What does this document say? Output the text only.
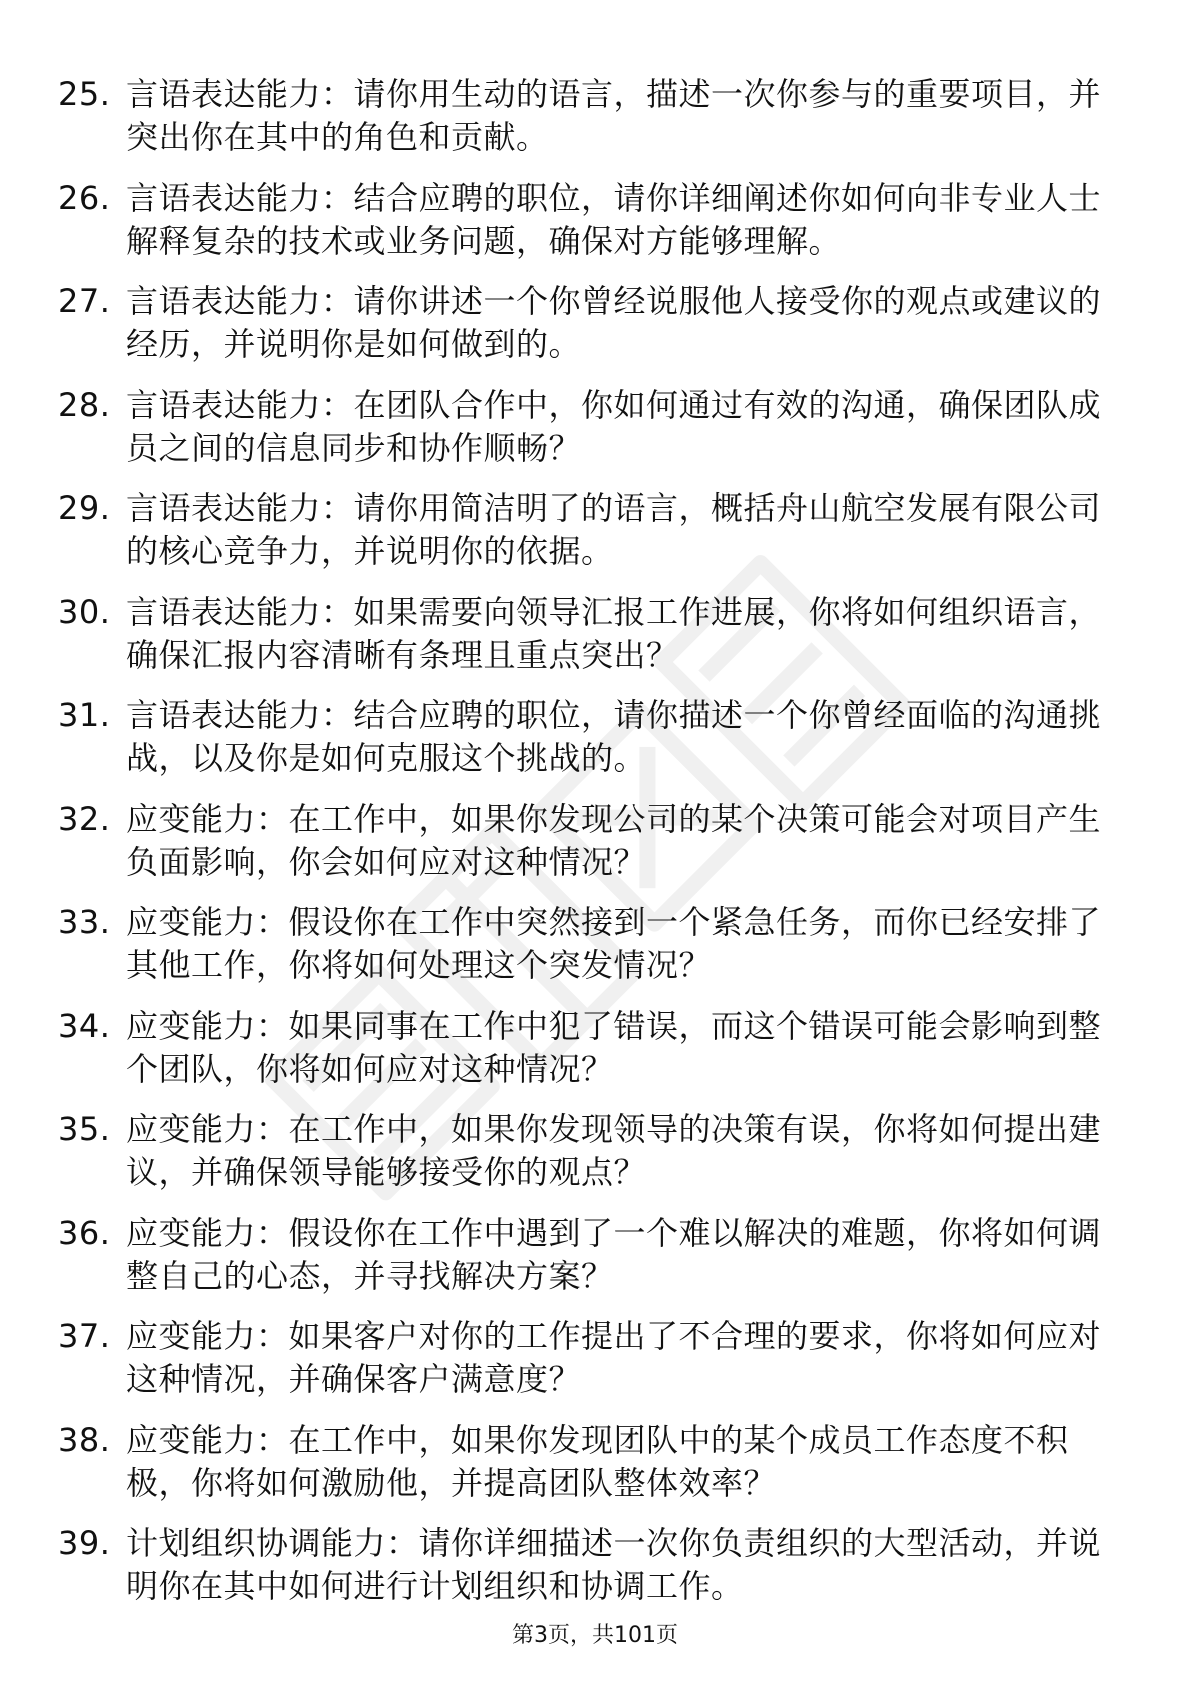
25. 言语表达能力：请你用生动的语言，描述一次你参与的重要项目，并突出你在其中的角色和贡献。
26. 言语表达能力：结合应聘的职位，请你详细阐述你如何向非专业人士解释复杂的技术或业务问题，确保对方能够理解。
27. 言语表达能力：请你讲述一个你曾经说服他人接受你的观点或建议的经历，并说明你是如何做到的。
28. 言语表达能力：在团队合作中，你如何通过有效的沟通，确保团队成员之间的信息同步和协作顺畅？
29. 言语表达能力：请你用简洁明了的语言，概括舟山航空发展有限公司的核心竞争力，并说明你的依据。
30. 言语表达能力：如果需要向领导汇报工作进展，你将如何组织语言，确保汇报内容清晰有条理且重点突出？
31. 言语表达能力：结合应聘的职位，请你描述一个你曾经面临的沟通挑战，以及你是如何克服这个挑战的。
32. 应变能力：在工作中，如果你发现公司的某个决策可能会对项目产生负面影响，你会如何应对这种情况？
33. 应变能力：假设你在工作中突然接到一个紧急任务，而你已经安排了其他工作，你将如何处理这个突发情况？
34. 应变能力：如果同事在工作中犯了错误，而这个错误可能会影响到整个团队，你将如何应对这种情况？
35. 应变能力：在工作中，如果你发现领导的决策有误，你将如何提出建议，并确保领导能够接受你的观点？
36. 应变能力：假设你在工作中遇到了一个难以解决的难题，你将如何调整自己的心态，并寻找解决方案？
37. 应变能力：如果客户对你的工作提出了不合理的要求，你将如何应对这种情况，并确保客户满意度？
38. 应变能力：在工作中，如果你发现团队中的某个成员工作态度不积极，你将如何激励他，并提高团队整体效率？
39. 计划组织协调能力：请你详细描述一次你负责组织的大型活动，并说明你在其中如何进行计划组织和协调工作。
第3页，共101页
